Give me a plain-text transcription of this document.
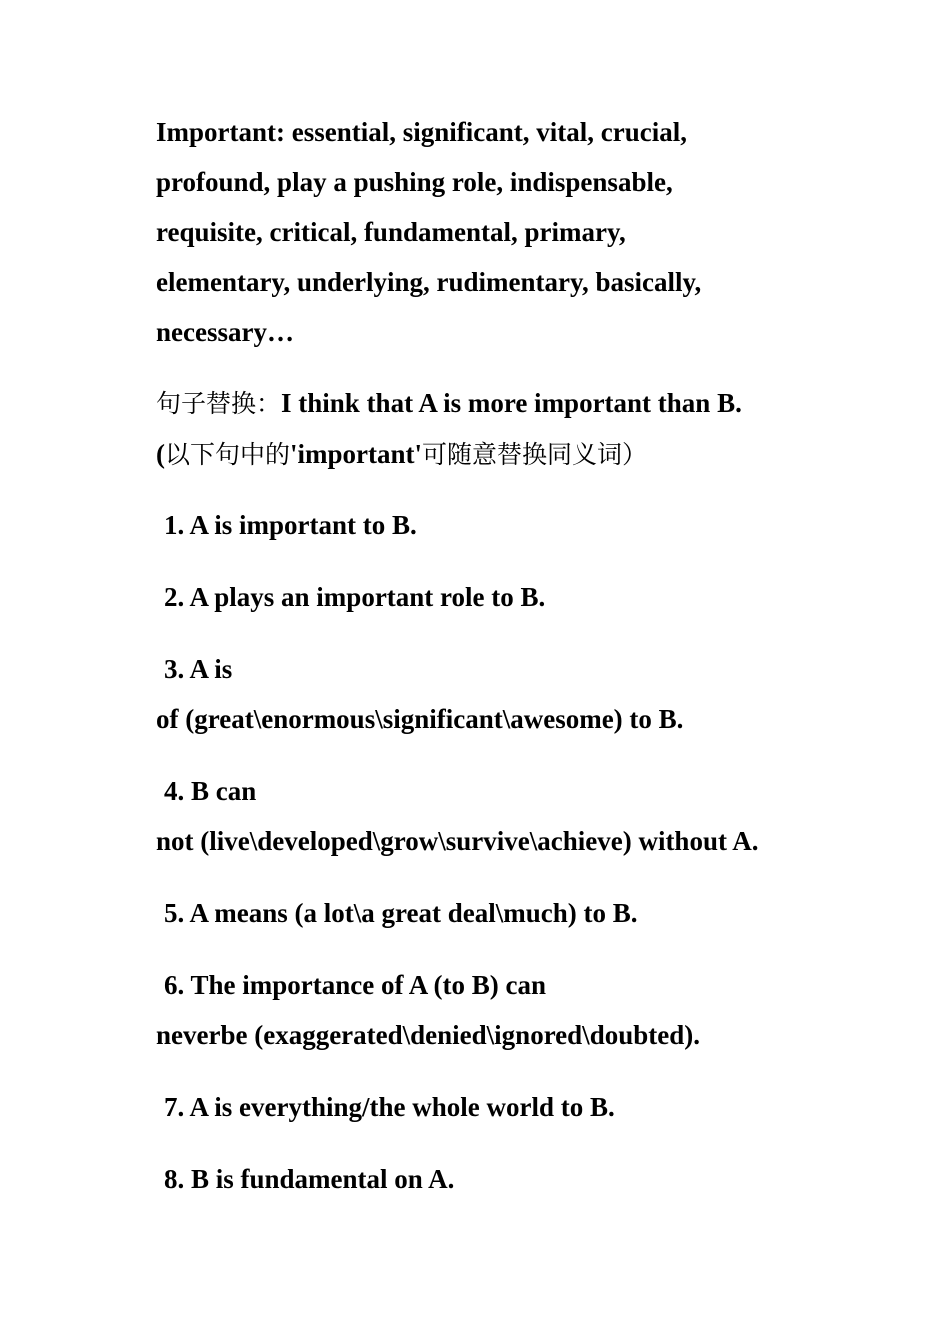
Important: essential, significant, vital, crucial,
profound, play a pushing role, indispensable,
requisite, critical, fundamental, primary,
elementary, underlying, rudimentary, basically,
necessary…
句子替换：I think that A is more important than B.
(以下句中的'important'可随意替换同义词）
1. A is important to B.
2. A plays an important role to B.
3. A is
of (great\enormous\significant\awesome) to B.
4. B can
not (live\developed\grow\survive\achieve) without A.
5. A means (a lot\a great deal\much) to B.
6. The importance of A (to B) can
neverbe (exaggerated\denied\ignored\doubted).
7. A is everything/the whole world to B.
8. B is fundamental on A.
